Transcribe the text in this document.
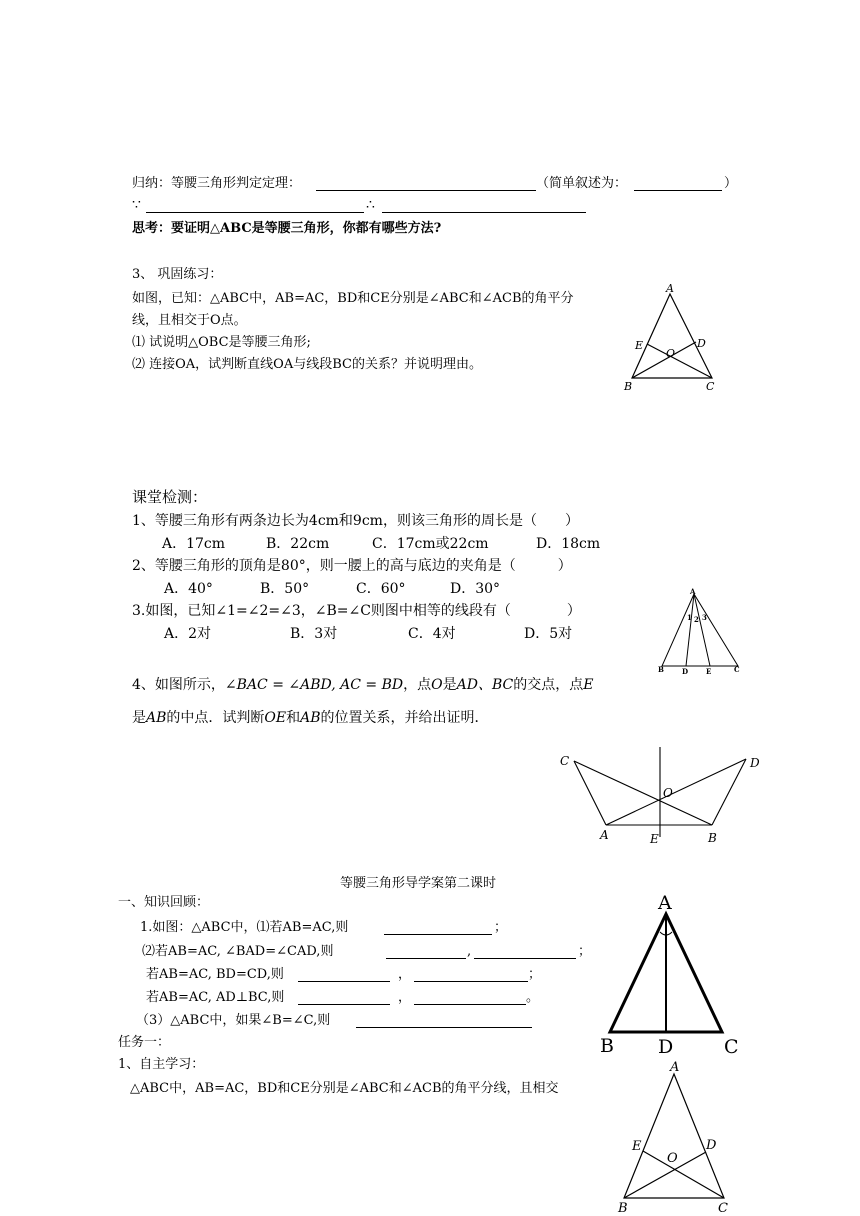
归纳：等腰三角形判定定理：	（简单叙述为：	）
∵	∴
思考：要证明△ABC是等腰三角形，你都有哪些方法?
3、 巩固练习：
如图，已知：△ABC中，AB=AC，BD和CE分别是∠ABC和∠ACB的角平分
线，且相交于O点。
⑴ 试说明△OBC是等腰三角形;
⑵ 连接OA，试判断直线OA与线段BC的关系？并说明理由。
A
B	C
D
E
O
课堂检测：
1、等腰三角形有两条边长为4cm和9cm，则该三角形的周长是（　　）
A．17cm	B．22cm	C．17cm或22cm	D．18cm
2、等腰三角形的顶角是80°，则一腰上的高与底边的夹角是（　　　）
A．40°	B．50°	C．60°	D．30°
3.如图，已知∠1=∠2=∠3，∠B=∠C则图中相等的线段有（　　　　）
A．2对	B．3对	C．4对	D．5对
A
B	C
D	E
1 2 3
4、如图所示，∠BAC = ∠ABD, AC = BD，点O是AD、BC的交点，点E
是AB的中点．试判断OE和AB的位置关系，并给出证明．
C	D
A	B
E
O
等腰三角形导学案第二课时
一、知识回顾：
1.如图：△ABC中，⑴若AB=AC,则	；
⑵若AB=AC, ∠BAD=∠CAD,则	,	；
若AB=AC, BD=CD,则	，	；
若AB=AC, AD⊥BC,则	，	。
（3）△ABC中，如果∠B=∠C,则
任务一：
1、自主学习：
△ABC中，AB=AC，BD和CE分别是∠ABC和∠ACB的角平分线，且相交
A
B	C
D
A
B	C
D
E
O
